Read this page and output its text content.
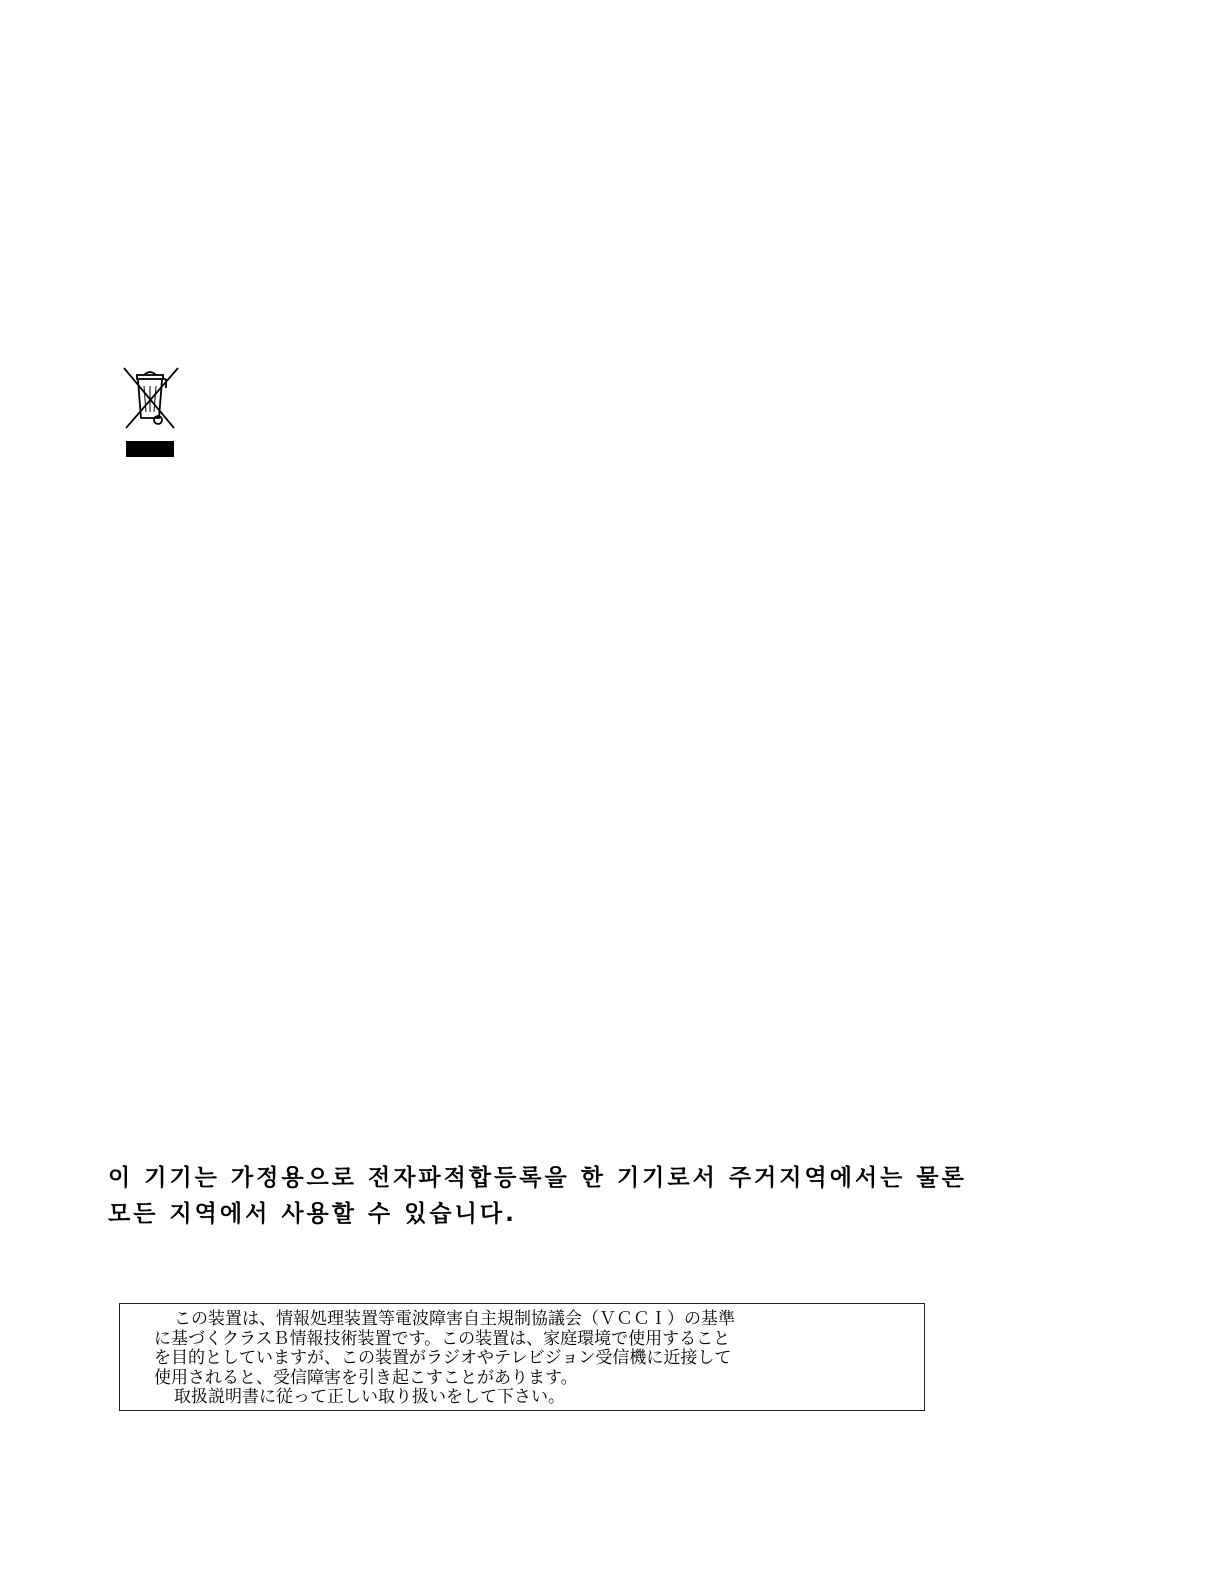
이 기기는 가정용으로 전자파적합등록을 한 기기로서 주거지역에서는 물론
모든 지역에서 사용할 수 있습니다.
この装置は、情報処理装置等電波障害自主規制協議会（ＶＣＣＩ）の基準
に基づくクラスＢ情報技術装置です。この装置は、家庭環境で使用すること
を目的としていますが、この装置がラジオやテレビジョン受信機に近接して
使用されると、受信障害を引き起こすことがあります。
取扱説明書に従って正しい取り扱いをして下さい。
